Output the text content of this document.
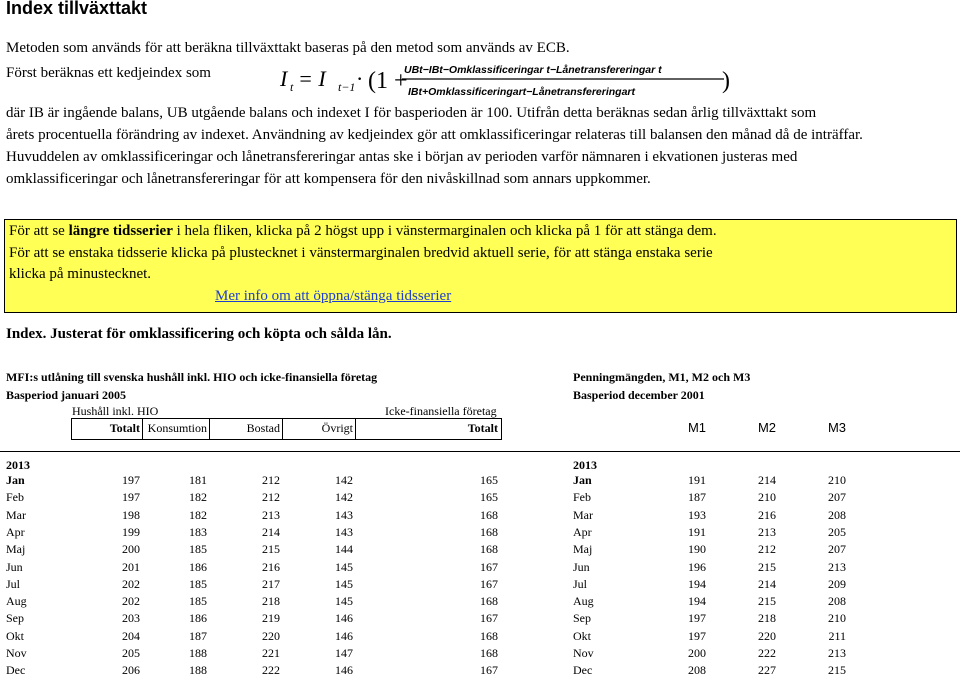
Index tillväxttakt
Metoden som används för att beräkna tillväxttakt baseras på den metod som används av ECB.
Först beräknas ett kedjeindex som	I t = I t−1 · (1 +
UBt−IBt−Omklassificeringar t−Lånetransfereringar t
IBt+Omklassificeringart−Lånetransfereringart	)
där IB är ingående balans, UB utgående balans och indexet I för basperioden är 100. Utifrån detta beräknas sedan årlig tillväxttakt som
årets procentuella förändring av indexet. Användning av kedjeindex gör att omklassificeringar relateras till balansen den månad då de inträffar.
Huvuddelen av omklassificeringar och lånetransfereringar antas ske i början av perioden varför nämnaren i ekvationen justeras med
omklassificeringar och lånetransfereringar för att kompensera för den nivåskillnad som annars uppkommer.
För att se längre tidsserier i hela fliken, klicka på 2 högst upp i vänstermarginalen och klicka på 1 för att stänga dem.
För att se enstaka tidsserie klicka på plustecknet i vänstermarginalen bredvid aktuell serie, för att stänga enstaka serie
klicka på minustecknet.
Mer info om att öppna/stänga tidsserier
Index. Justerat för omklassificering och köpta och sålda lån.
MFI:s utlåning till svenska hushåll inkl. HIO och icke-finansiella företag
Basperiod januari 2005
Hushåll inkl. HIO	Icke-finansiella företag
Totalt Konsumtion	Bostad	Övrigt	Totalt
Penningmängden, M1, M2 och M3
Basperiod december 2001
M1	M2	M3
2013	2013
Jan	197	181	212	142	165
Feb	197	182	212	142	165
Mar	198	182	213	143	168
Apr	199	183	214	143	168
Maj	200	185	215	144	168
Jun	201	186	216	145	167
Jul	202	185	217	145	167
Aug	202	185	218	145	168
Sep	203	186	219	146	167
Okt	204	187	220	146	168
Nov	205	188	221	147	168
Dec	206	188	222	146	167
Jan	191	214	210
Feb	187	210	207
Mar	193	216	208
Apr	191	213	205
Maj	190	212	207
Jun	196	215	213
Jul	194	214	209
Aug	194	215	208
Sep	197	218	210
Okt	197	220	211
Nov	200	222	213
Dec	208	227	215
